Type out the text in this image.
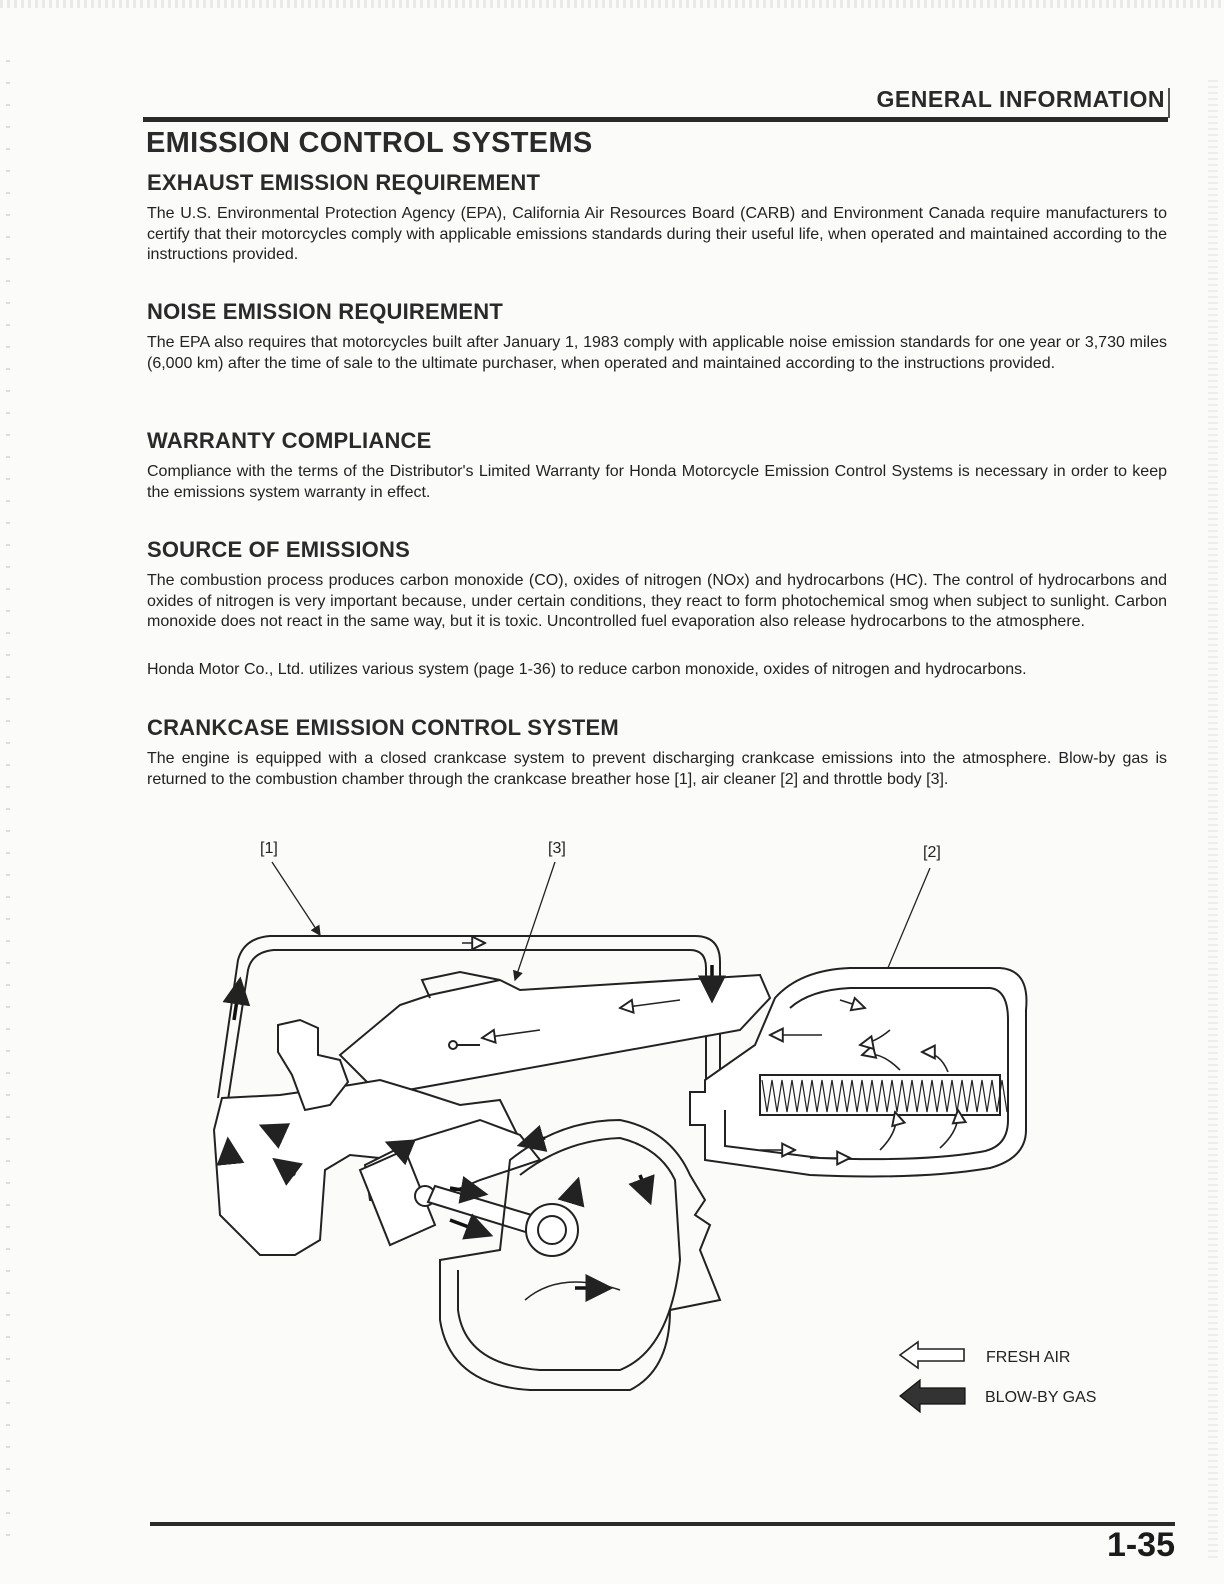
GENERAL INFORMATION
EMISSION CONTROL SYSTEMS
EXHAUST EMISSION REQUIREMENT

The U.S. Environmental Protection Agency (EPA), California Air Resources Board (CARB) and Environment Canada require manufacturers to certify that their motorcycles comply with applicable emissions standards during their useful life, when operated and maintained according to the instructions provided.

NOISE EMISSION REQUIREMENT

The EPA also requires that motorcycles built after January 1, 1983 comply with applicable noise emission standards for one year or 3,730 miles (6,000 km) after the time of sale to the ultimate purchaser, when operated and maintained according to the instructions provided.

WARRANTY COMPLIANCE

Compliance with the terms of the Distributor's Limited Warranty for Honda Motorcycle Emission Control Systems is necessary in order to keep the emissions system warranty in effect.

SOURCE OF EMISSIONS

The combustion process produces carbon monoxide (CO), oxides of nitrogen (NOx) and hydrocarbons (HC). The control of hydrocarbons and oxides of nitrogen is very important because, under certain conditions, they react to form photochemical smog when subject to sunlight. Carbon monoxide does not react in the same way, but it is toxic. Uncontrolled fuel evaporation also release hydrocarbons to the atmosphere.

Honda Motor Co., Ltd. utilizes various system (page 1-36) to reduce carbon monoxide, oxides of nitrogen and hydrocarbons.

CRANKCASE EMISSION CONTROL SYSTEM

The engine is equipped with a closed crankcase system to prevent discharging crankcase emissions into the atmosphere. Blow-by gas is returned to the combustion chamber through the crankcase breather hose [1], air cleaner [2] and throttle body [3].

[1]	[3]	[2]
FRESH AIR
BLOW-BY GAS
1-35
